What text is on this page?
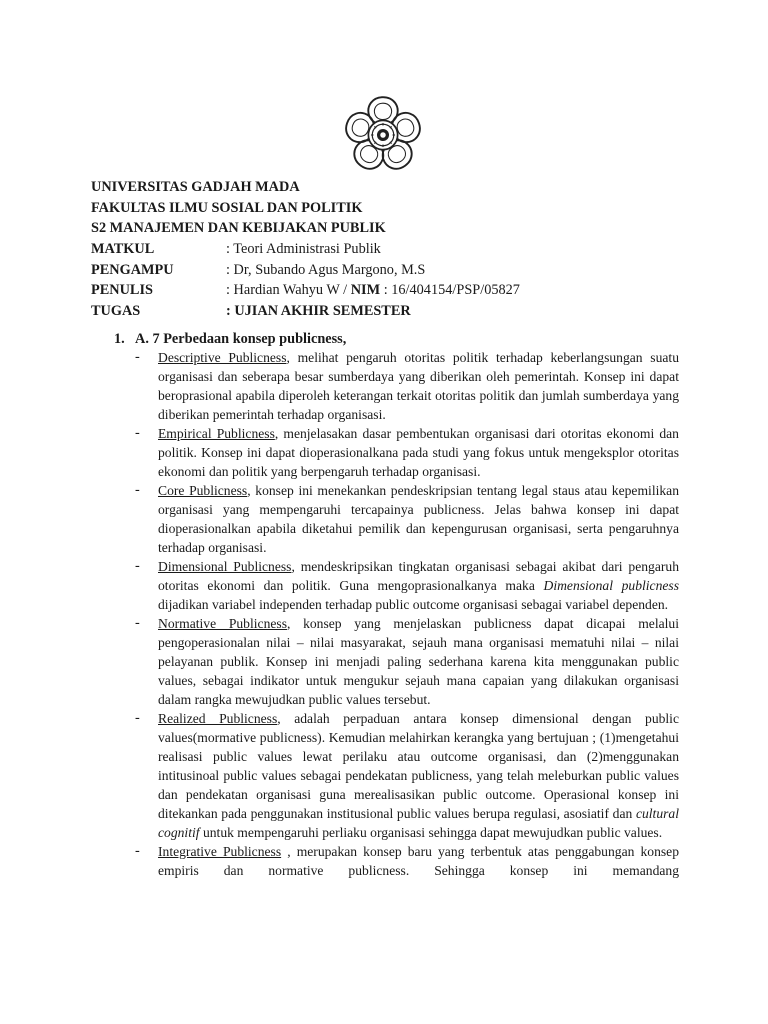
UNIVERSITAS GADJAH MADA
FAKULTAS ILMU SOSIAL DAN POLITIK
S2 MANAJEMEN DAN KEBIJAKAN PUBLIK
MATKUL	: Teori Administrasi Publik
PENGAMPU	: Dr, Subando Agus Margono, M.S
PENULIS	: Hardian Wahyu W / NIM : 16/404154/PSP/05827
TUGAS	: UJIAN AKHIR SEMESTER
1. A. 7 Perbedaan konsep publicness,
- Descriptive Publicness, melihat pengaruh otoritas politik terhadap keberlangsungan suatu organisasi dan seberapa besar sumberdaya yang diberikan oleh pemerintah. Konsep ini dapat beroprasional apabila diperoleh keterangan terkait otoritas politik dan jumlah sumberdaya yang diberikan pemerintah terhadap organisasi.

- Empirical Publicness, menjelasakan dasar pembentukan organisasi dari otoritas ekonomi dan politik. Konsep ini dapat dioperasionalkana pada studi yang fokus untuk mengeksplor otoritas ekonomi dan politik yang berpengaruh terhadap organisasi.

- Core Publicness, konsep ini menekankan pendeskripsian tentang legal staus atau kepemilikan organisasi yang mempengaruhi tercapainya publicness. Jelas bahwa konsep ini dapat dioperasionalkan apabila diketahui pemilik dan kepengurusan organisasi, serta pengaruhnya terhadap organisasi.

- Dimensional Publicness, mendeskripsikan tingkatan organisasi sebagai akibat dari pengaruh otoritas ekonomi dan politik. Guna mengoprasionalkanya maka Dimensional publicness dijadikan variabel independen terhadap public outcome organisasi sebagai variabel dependen.

- Normative Publicness, konsep yang menjelaskan publicness dapat dicapai melalui pengoperasionalan nilai – nilai masyarakat, sejauh mana organisasi mematuhi nilai – nilai pelayanan publik. Konsep ini menjadi paling sederhana karena kita menggunakan public values, sebagai indikator untuk mengukur sejauh mana capaian yang dilakukan organisasi dalam rangka mewujudkan public values tersebut.

- Realized Publicness, adalah perpaduan antara konsep dimensional dengan public values(mormative publicness). Kemudian melahirkan kerangka yang bertujuan ; (1)mengetahui realisasi public values lewat perilaku atau outcome organisasi, dan (2)menggunakan intitusinoal public values sebagai pendekatan publicness, yang telah meleburkan public values dan pendekatan organisasi guna merealisasikan public outcome. Operasional konsep ini ditekankan pada penggunakan institusional public values berupa regulasi, asosiatif dan cultural cognitif untuk mempengaruhi perliaku organisasi sehingga dapat mewujudkan public values.

- Integrative Publicness , merupakan konsep baru yang terbentuk atas penggabungan konsep empiris dan normative publicness. Sehingga konsep ini memandang
